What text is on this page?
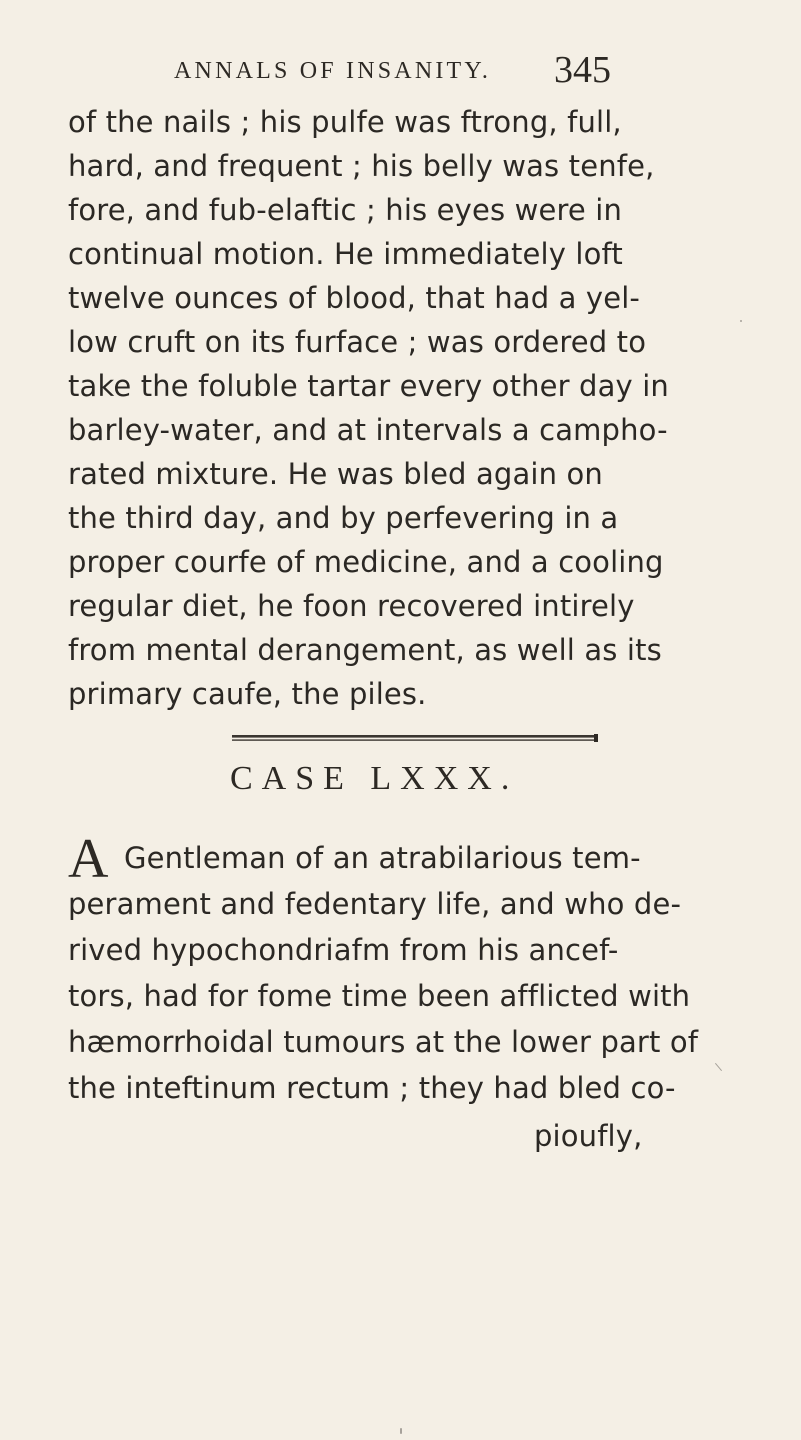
ANNALS OF INSANITY. 345
of the nails ; his pulfe was ftrong, full,
hard, and frequent ; his belly was tenfe,
fore, and fub-elaftic ; his eyes were in
continual motion. He immediately loft
twelve ounces of blood, that had a yel-
low cruft on its furface ; was ordered to
take the foluble tartar every other day in
barley-water, and at intervals a campho-
rated mixture. He was bled again on
the third day, and by perfevering in a
proper courfe of medicine, and a cooling
regular diet, he foon recovered intirely
from mental derangement, as well as its
primary caufe, the piles.
CASE LXXX.
A Gentleman of an atrabilarious tem-
perament and fedentary life, and who de-
rived hypochondriafm from his ancef-
tors, had for fome time been afflicted with
hæmorrhoidal tumours at the lower part of
the inteftinum rectum ; they had bled co-
pioufly,
